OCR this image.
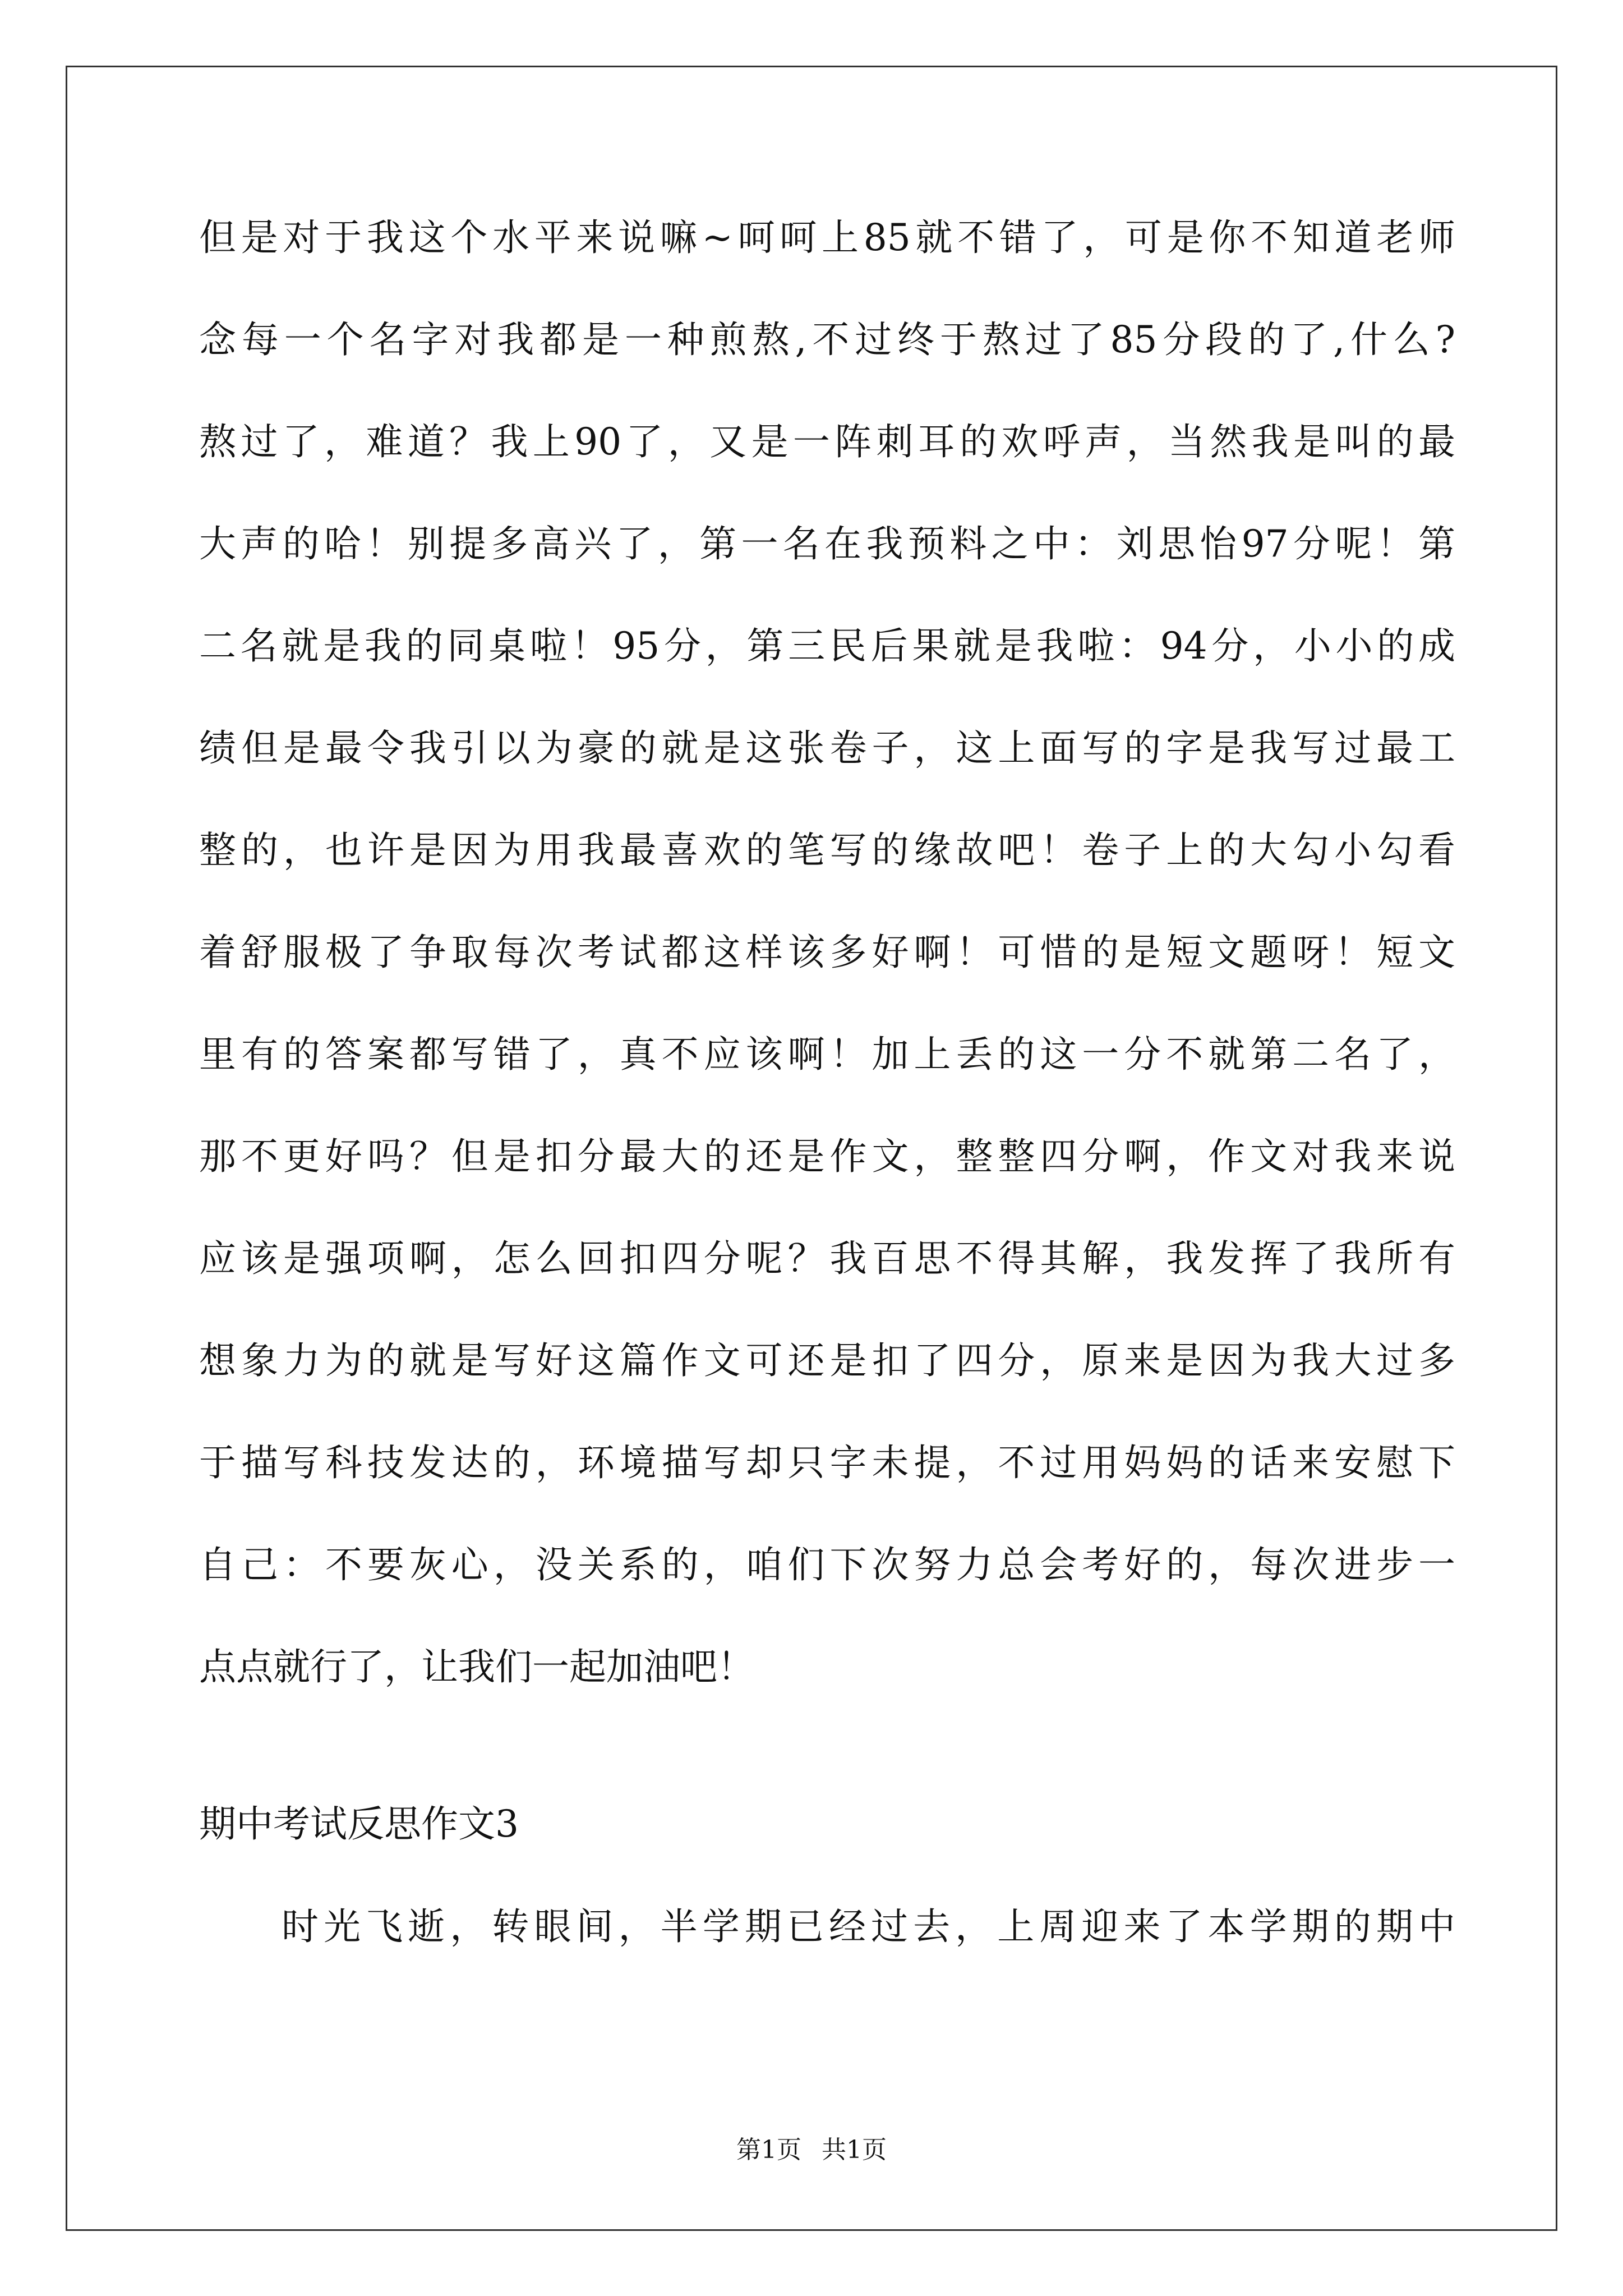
但是对于我这个水平来说嘛~呵呵上85就不错了，可是你不知道老师
念每一个名字对我都是一种煎熬,不过终于熬过了85分段的了,什么?
熬过了，难道？我上90了，又是一阵刺耳的欢呼声，当然我是叫的最
大声的哈！别提多高兴了，第一名在我预料之中：刘思怡97分呢！第
二名就是我的同桌啦！95分，第三民后果就是我啦：94分，小小的成
绩但是最令我引以为豪的就是这张卷子，这上面写的字是我写过最工
整的，也许是因为用我最喜欢的笔写的缘故吧！卷子上的大勾小勾看
着舒服极了争取每次考试都这样该多好啊！可惜的是短文题呀！短文
里有的答案都写错了，真不应该啊！加上丢的这一分不就第二名了，
那不更好吗？但是扣分最大的还是作文，整整四分啊，作文对我来说
应该是强项啊，怎么回扣四分呢？我百思不得其解，我发挥了我所有
想象力为的就是写好这篇作文可还是扣了四分，原来是因为我大过多
于描写科技发达的，环境描写却只字未提，不过用妈妈的话来安慰下
自己：不要灰心，没关系的，咱们下次努力总会考好的，每次进步一
点点就行了，让我们一起加油吧！
期中考试反思作文3
时光飞逝，转眼间，半学期已经过去，上周迎来了本学期的期中
第1页 共1页
